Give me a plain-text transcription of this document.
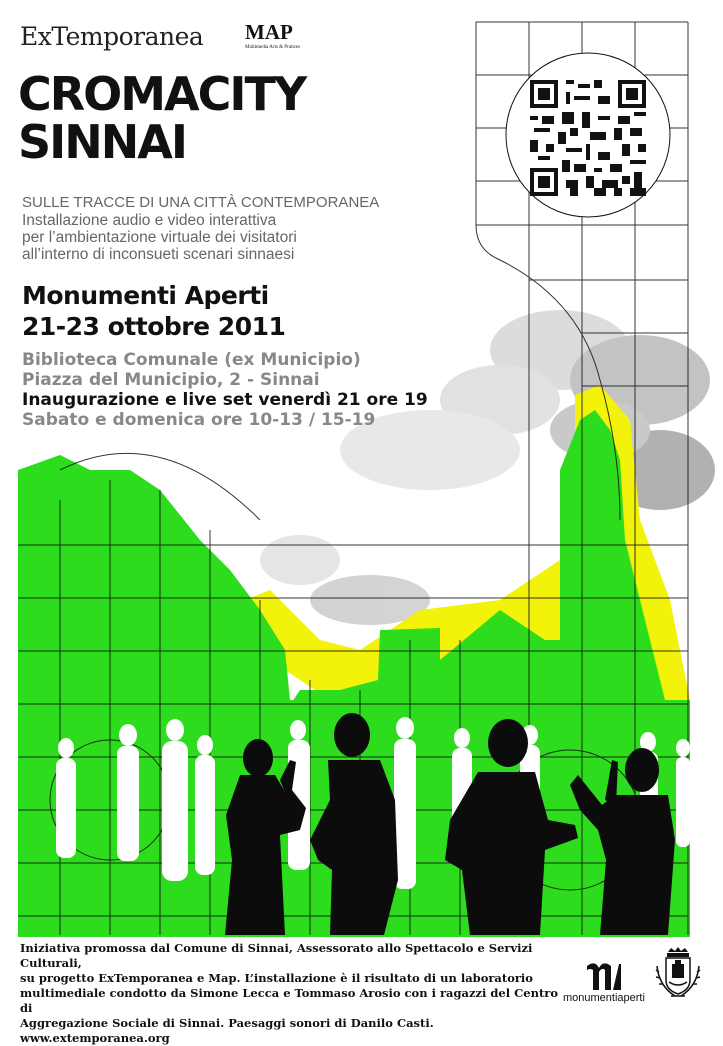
ExTemporanea MAP
Multimedia Arts & Pratices
CROMACITY
SINNAI
SULLE TRACCE DI UNA CITTÀ CONTEMPORANEA
Installazione audio e video interattiva
per l’ambientazione virtuale dei visitatori
all’interno di inconsueti scenari sinnaesi
Monumenti Aperti
21-23 ottobre 2011
Biblioteca Comunale (ex Municipio)
Piazza del Municipio, 2 - Sinnai
Inaugurazione e live set venerdì 21 ore 19
Sabato e domenica ore 10-13 / 15-19
Iniziativa promossa dal Comune di Sinnai, Assessorato allo Spettacolo e Servizi Culturali,
su progetto ExTemporanea e Map. L’installazione è il risultato di un laboratorio
multimediale condotto da Simone Lecca e Tommaso Arosio con i ragazzi del Centro di
Aggregazione Sociale di Sinnai. Paesaggi sonori di Danilo Casti. www.extemporanea.org
monumentiaperti
